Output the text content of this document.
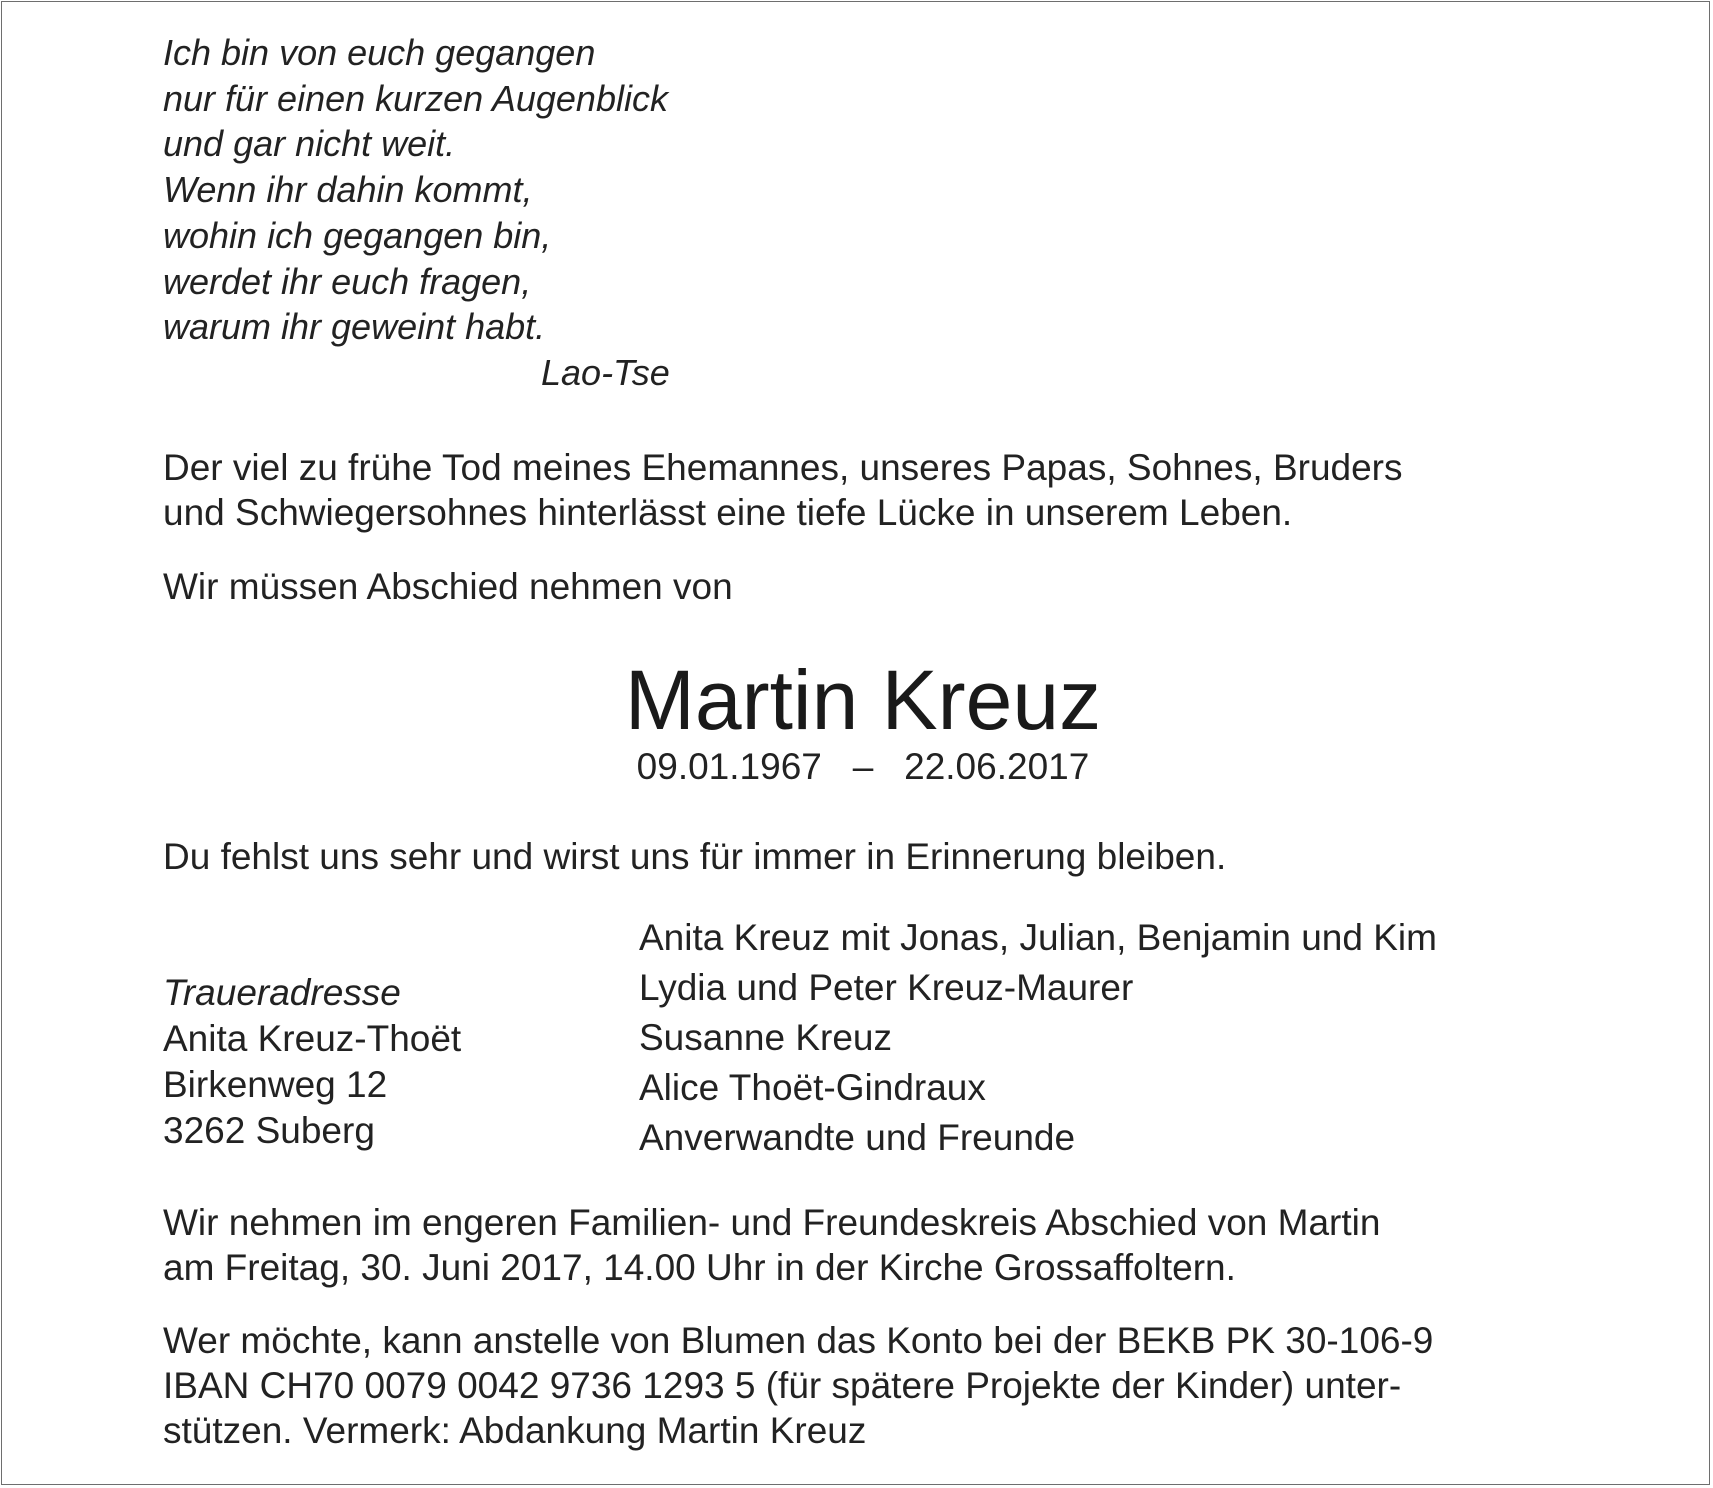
Ich bin von euch gegangen
nur für einen kurzen Augenblick
und gar nicht weit.
Wenn ihr dahin kommt,
wohin ich gegangen bin,
werdet ihr euch fragen,
warum ihr geweint habt.
Lao-Tse
Der viel zu frühe Tod meines Ehemannes, unseres Papas, Sohnes, Bruders
und Schwiegersohnes hinterlässt eine tiefe Lücke in unserem Leben.
Wir müssen Abschied nehmen von
Martin Kreuz
09.01.1967 – 22.06.2017
Du fehlst uns sehr und wirst uns für immer in Erinnerung bleiben.
Traueradresse
Anita Kreuz-Thoët
Birkenweg 12
3262 Suberg
Anita Kreuz mit Jonas, Julian, Benjamin und Kim
Lydia und Peter Kreuz-Maurer
Susanne Kreuz
Alice Thoët-Gindraux
Anverwandte und Freunde
Wir nehmen im engeren Familien- und Freundeskreis Abschied von Martin
am Freitag, 30. Juni 2017, 14.00 Uhr in der Kirche Grossaffoltern.
Wer möchte, kann anstelle von Blumen das Konto bei der BEKB PK 30-106-9
IBAN CH70 0079 0042 9736 1293 5 (für spätere Projekte der Kinder) unter-
stützen. Vermerk: Abdankung Martin Kreuz
